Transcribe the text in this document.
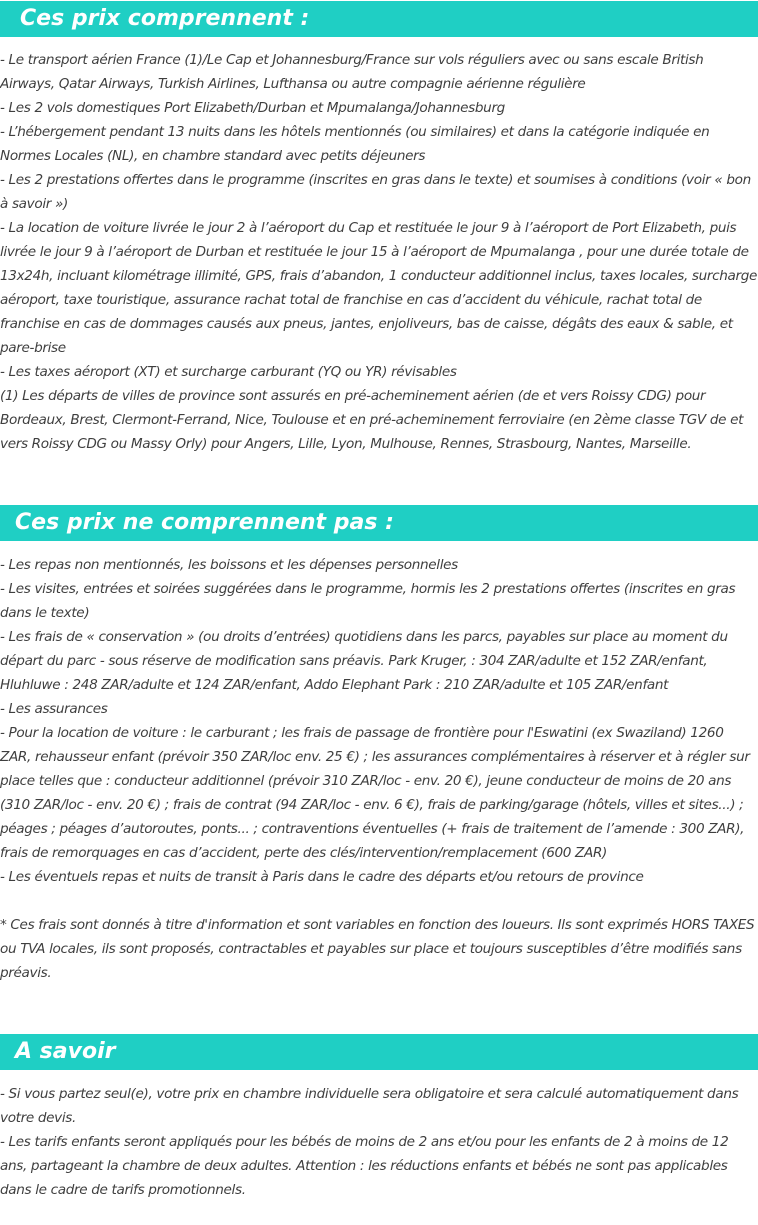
Ces prix comprennent :

- Le transport aérien France (1)/Le Cap et Johannesburg/France sur vols réguliers avec ou sans escale British Airways, Qatar Airways, Turkish Airlines, Lufthansa ou autre compagnie aérienne régulière

- Les 2 vols domestiques Port Elizabeth/Durban et Mpumalanga/Johannesburg

- L’hébergement pendant 13 nuits dans les hôtels mentionnés (ou similaires) et dans la catégorie indiquée en Normes Locales (NL), en chambre standard avec petits déjeuners

- Les 2 prestations offertes dans le programme (inscrites en gras dans le texte) et soumises à conditions (voir « bon à savoir »)

- La location de voiture livrée le jour 2 à l’aéroport du Cap et restituée le jour 9 à l’aéroport de Port Elizabeth, puis livrée le jour 9 à l’aéroport de Durban et restituée le jour 15 à l’aéroport de Mpumalanga , pour une durée totale de 13x24h, incluant kilométrage illimité, GPS, frais d’abandon, 1 conducteur additionnel inclus, taxes locales, surcharge aéroport, taxe touristique, assurance rachat total de franchise en cas d’accident du véhicule, rachat total de franchise en cas de dommages causés aux pneus, jantes, enjoliveurs, bas de caisse, dégâts des eaux & sable, et pare-brise

- Les taxes aéroport (XT) et surcharge carburant (YQ ou YR) révisables

(1) Les départs de villes de province sont assurés en pré-acheminement aérien (de et vers Roissy CDG) pour Bordeaux, Brest, Clermont-Ferrand, Nice, Toulouse et en pré-acheminement ferroviaire (en 2ème classe TGV de et vers Roissy CDG ou Massy Orly) pour Angers, Lille, Lyon, Mulhouse, Rennes, Strasbourg, Nantes, Marseille.

Ces prix ne comprennent pas :

- Les repas non mentionnés, les boissons et les dépenses personnelles

- Les visites, entrées et soirées suggérées dans le programme, hormis les 2 prestations offertes (inscrites en gras dans le texte)

- Les frais de « conservation » (ou droits d’entrées) quotidiens dans les parcs, payables sur place au moment du départ du parc - sous réserve de modification sans préavis. Park Kruger, : 304 ZAR/adulte et 152 ZAR/enfant, Hluhluwe : 248 ZAR/adulte et 124 ZAR/enfant, Addo Elephant Park : 210 ZAR/adulte et 105 ZAR/enfant

- Les assurances

- Pour la location de voiture : le carburant ; les frais de passage de frontière pour l'Eswatini (ex Swaziland) 1260 ZAR, rehausseur enfant (prévoir 350 ZAR/loc env. 25 €) ; les assurances complémentaires à réserver et à régler sur place telles que : conducteur additionnel (prévoir 310 ZAR/loc - env. 20 €), jeune conducteur de moins de 20 ans (310 ZAR/loc - env. 20 €) ; frais de contrat (94 ZAR/loc - env. 6 €), frais de parking/garage (hôtels, villes et sites...) ; péages ; péages d’autoroutes, ponts... ; contraventions éventuelles (+ frais de traitement de l’amende : 300 ZAR), frais de remorquages en cas d’accident, perte des clés/intervention/remplacement (600 ZAR)

- Les éventuels repas et nuits de transit à Paris dans le cadre des départs et/ou retours de province

* Ces frais sont donnés à titre d'information et sont variables en fonction des loueurs. Ils sont exprimés HORS TAXES ou TVA locales, ils sont proposés, contractables et payables sur place et toujours susceptibles d’être modifiés sans préavis.

A savoir

- Si vous partez seul(e), votre prix en chambre individuelle sera obligatoire et sera calculé automatiquement dans votre devis.

- Les tarifs enfants seront appliqués pour les bébés de moins de 2 ans et/ou pour les enfants de 2 à moins de 12 ans, partageant la chambre de deux adultes. Attention : les réductions enfants et bébés ne sont pas applicables dans le cadre de tarifs promotionnels.
